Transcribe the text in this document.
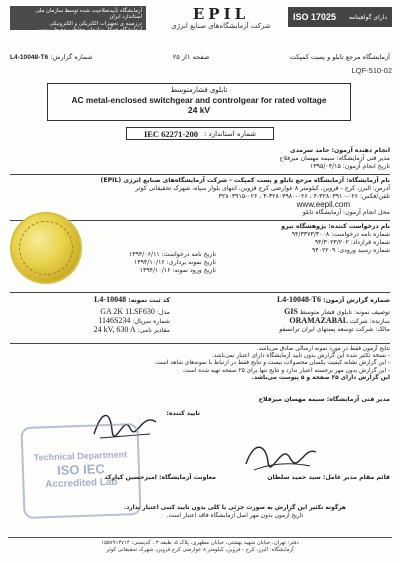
آزمایشگاه تأییدصلاحیت شده توسط سازمان ملی استاندارد ایران
درزمینه ی تجهیزات الکتریکی و الکترونیکی
آزمایشگاه همکار سازمان حفاظت محیط زیست
EPIL
شرکت آزمایشگاه‌های صنایع انرژی
ISO 17025 دارای گواهینامه
آزمایشگاه مرجع تابلو و پست کمپکت
صفحه ۱از ۲۵
شماره گزارش: L4-10048-T6
LQF-510-02
تابلوی فشارمتوسط
AC metal-enclosed switchgear and controlgear for rated voltage
24 kV
IEC 62271-200 شماره استاندارد :
انجام دهنده آزمون: حامد سرمدی
مدیر فنی آزمایشگاه: سیمه مهسان میرفلاح
تاریخ انجام آزمون: ۱۳۹۵/۰۴/۱۵
نام آزمایشگاه: آزمایشگاه مرجع تابلو و پست کمپکت - شرکت آزمایشگاه‌های صنایع انرژی (EPIL)
آدرس: البرز، کرج - قزوین، کیلومتر ۸ عوارضی کرج قزوین، انتهای بلوار سپاه، شهرک تحقیقاتی کوثر
تلفن/فکس: ۰۲۶-۳۲۸۰۳۹۱۰-۴ ، ۰۲۶-۳۲۸۰۳۹۸۰-۴ ، ۰۲۶-۳۲۸۰۳۹۱۵
www.eepil.com
محل انجام آزمون: آزمایشگاه تابلو
نام درخواست کننده: پژوهشگاه نیرو
شماره نامه درخواست: ۹۴/۳۳۷۳/۳۰۰۸
شماره قرارداد: ۹۴/۳۰۲۳/۲۰۲
شماره رسید ورودی: ۹۴۰۲۲۰۹
تاریخ نامه درخواست: ۱۳۹۴/۰۶/۱۱
تاریخ نمونه برداری: ۱۳۹۴/۱۰/۱۶
تاریخ ورود نمونه: ۱۳۹۴/۱۰/۱۶
شماره گزارش آزمون: L4-10048-T6
توصیف نمونه: تابلوی فشار متوسط GIS
سازنده: شرکت ORAMAZABAL
مالک: شرکت توسعه پستهای ایران ترانسفو
کد ثبت نمونه: L4-10048
مدل: GA 2K 1LSF630
شماره سریال: 1146S234
مقادیر نامی: 24 kV, 630 A
نتایج آزمون فقط در مورد نمونه ارسالی صادق می‌باشد.
- نسخه تکثیر شده این گزارش بدون تایید آزمایشگاه دارای اعتبار نمی‌باشد.
- این گزارش نشانه کیفیت یکسان محصولات نیست و نتایج فقط در ارتباط با نمونه‌های شاهد است.
- این گزارش بدون مهر برجسته اعتبار ندارد و نتایج تنها برای ۲۵ صفحه تهیه شده است.
این گزارش دارای ۲۵ صفحه و ۵ پیوست می‌باشد.
مدیر فنی آزمایشگاه: سیمه مهسان میرفلاح
تایید کننده:
Technical Department
ISO IEC
Accredited Lab
معاونت آزمایشگاه: امیرحسین کیارکد	قائم مقام مدیر عامل: سید حمید سلطان
هرگونه تکثیر این گزارش به صورت جزئی یا کلی بدون تایید کتبی اعتبار ندارد.
تاریخ آزمون بدون مهر اصل آزمایشگاه فاقد اعتبار است.
دفتر: تهران، خیابان شهید بهشتی، خیابان مطهری، پلاک ۵، طبقه ۳ ، کدپستی: ۱۵۵۷۹۱۳۷۱۴
آزمایشگاه: البرز، کرج - قزوین، کیلومتر ۸ عوارضی کرج قزوین، شهرک تحقیقاتی کوثر
